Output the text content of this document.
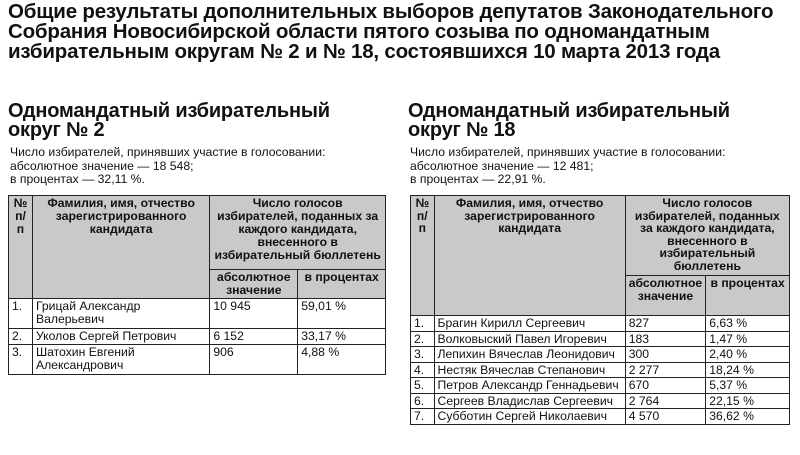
Общие результаты дополнительных выборов депутатов Законодательного Собрания Новосибирской области пятого созыва по одномандатным избирательным округам № 2 и № 18, состоявшихся 10 марта 2013 года
Одномандатный избирательный округ № 2
Число избирателей, принявших участие в голосовании:
абсолютное значение — 18 548;
в процентах — 32,11 %.
№ п/п	Фамилия, имя, отчество зарегистрированного кандидата	Число голосов избирателей, поданных за каждого кандидата, внесенного в избирательный бюллетень	
		абсолютное значение	в процентах
1.	Грицай Александр Валерьевич	10 945	59,01 %
2.	Уколов Сергей Петрович	6 152	33,17 %
3.	Шатохин Евгений Александрович	906	4,88 %
Одномандатный избирательный округ № 18
Число избирателей, принявших участие в голосовании:
абсолютное значение — 12 481;
в процентах — 22,91 %.
№ п/п	Фамилия, имя, отчество зарегистрированного кандидата	Число голосов избирателей, поданных за каждого кандидата, внесенного в избирательный бюллетень	
		абсолютное значение	в процентах
1.	Брагин Кирилл Сергеевич	827	6,63 %
2.	Волковыский Павел Игоревич	183	1,47 %
3.	Лепихин Вячеслав Леонидович	300	2,40 %
4.	Нестяк Вячеслав Степанович	2 277	18,24 %
5.	Петров Александр Геннадьевич	670	5,37 %
6.	Сергеев Владислав Сергеевич	2 764	22,15 %
7.	Субботин Сергей Николаевич	4 570	36,62 %
